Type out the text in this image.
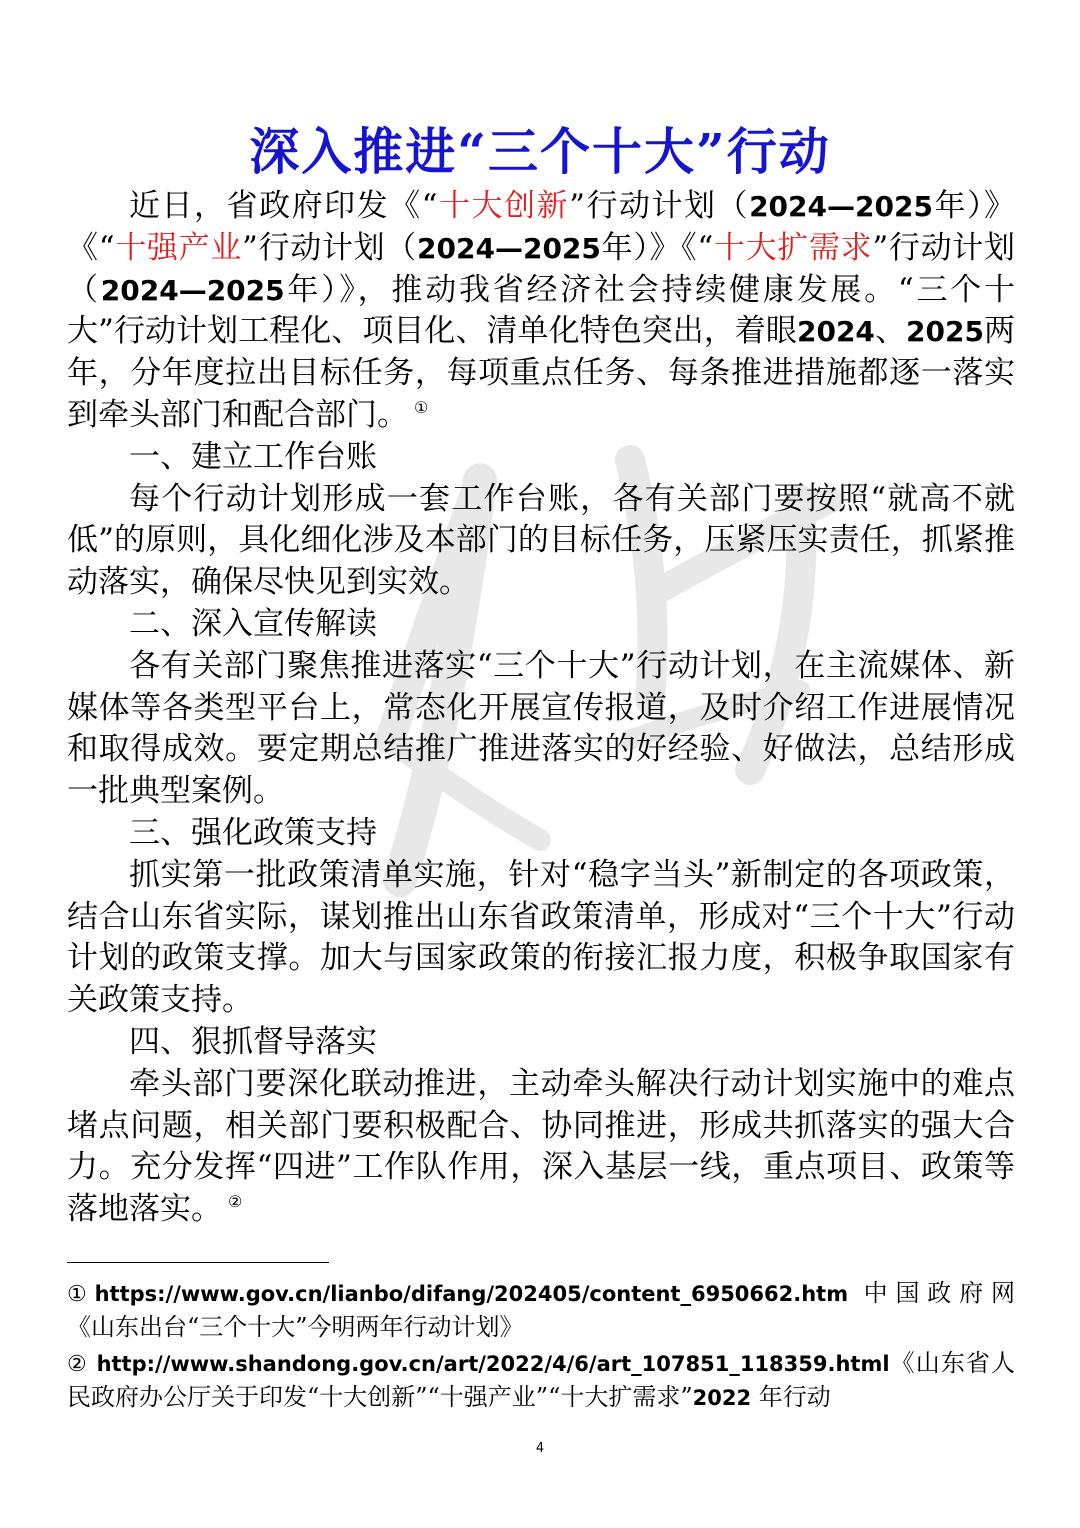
深入推进“三个十大”行动

近日，省政府印发《“十大创新”行动计划（2024—2025年）》《“十强产业”行动计划（2024—2025年）》《“十大扩需求”行动计划（2024—2025年）》，推动我省经济社会持续健康发展。“三个十大”行动计划工程化、项目化、清单化特色突出，着眼2024、2025两年，分年度拉出目标任务，每项重点任务、每条推进措施都逐一落实到牵头部门和配合部门。 ①

一、建立工作台账

每个行动计划形成一套工作台账，各有关部门要按照“就高不就低”的原则，具化细化涉及本部门的目标任务，压紧压实责任，抓紧推动落实，确保尽快见到实效。

二、深入宣传解读

各有关部门聚焦推进落实“三个十大”行动计划，在主流媒体、新媒体等各类型平台上，常态化开展宣传报道，及时介绍工作进展情况和取得成效。要定期总结推广推进落实的好经验、好做法，总结形成一批典型案例。

三、强化政策支持

抓实第一批政策清单实施，针对“稳字当头”新制定的各项政策，结合山东省实际，谋划推出山东省政策清单，形成对“三个十大”行动计划的政策支撑。加大与国家政策的衔接汇报力度，积极争取国家有关政策支持。

四、狠抓督导落实

牵头部门要深化联动推进，主动牵头解决行动计划实施中的难点堵点问题，相关部门要积极配合、协同推进，形成共抓落实的强大合力。充分发挥“四进”工作队作用，深入基层一线，重点项目、政策等落地落实。 ②

①https://www.gov.cn/lianbo/difang/202405/content_6950662.htm 中国政府网《山东出台“三个十大”今明两年行动计划》
② http://www.shandong.gov.cn/art/2022/4/6/art_107851_118359.html《山东省人民政府办公厅关于印发“十大创新”“十强产业”“十大扩需求”2022 年行动
4
